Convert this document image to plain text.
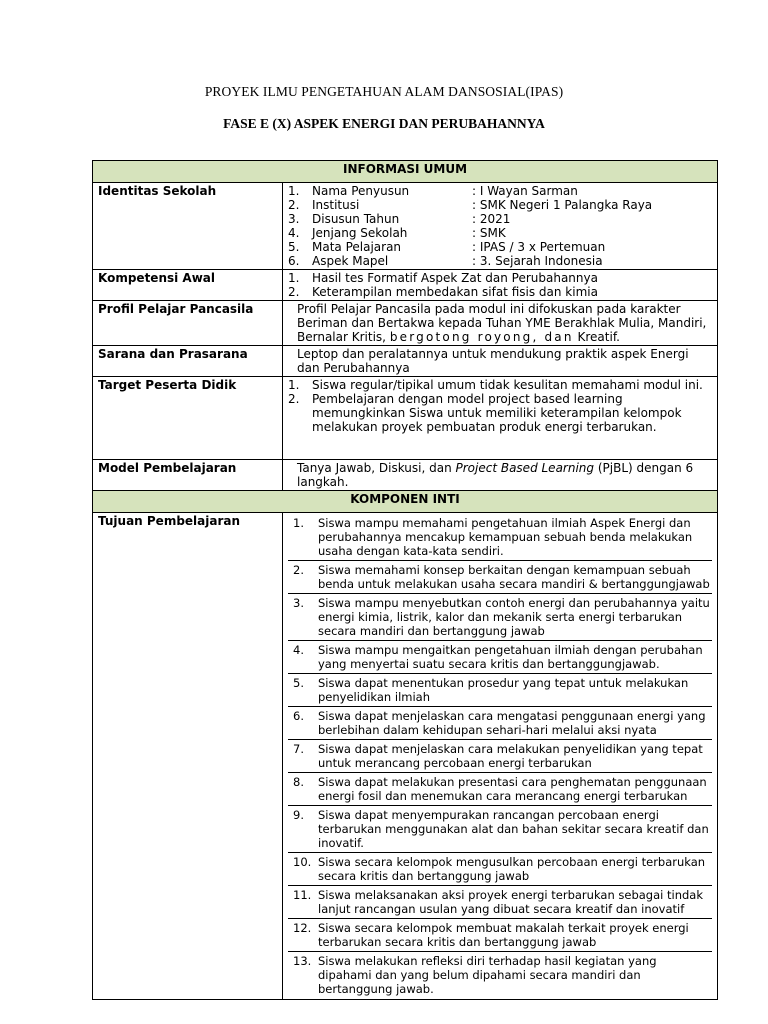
PROYEK ILMU PENGETAHUAN ALAM DANSOSIAL(IPAS)
FASE E (X) ASPEK ENERGI DAN PERUBAHANNYA
INFORMASI UMUM
Identitas Sekolah		1.	Nama Penyusun	: I Wayan Sarman
2.	Institusi	: SMK Negeri 1 Palangka Raya
3.	Disusun Tahun	: 2021
4.	Jenjang Sekolah	: SMK
5.	Mata Pelajaran	: IPAS / 3 x Pertemuan
6.	Aspek Mapel	: 3. Sejarah Indonesia

Kompetensi Awal	1.	Hasil tes Formatif Aspek Zat dan Perubahannya
2.	Keterampilan membedakan sifat fisis dan kimia

Profil Pelajar Pancasila	Profil Pelajar Pancasila pada modul ini difokuskan pada karakter Beriman dan Bertakwa kepada Tuhan YME Berakhlak Mulia, Mandiri, Bernalar Kritis, bergotong royong, dan Kreatif.
Sarana dan Prasarana	Leptop dan peralatannya untuk mendukung praktik aspek Energi dan Perubahannya
Target Peserta Didik	1.	Siswa regular/tipikal umum tidak kesulitan memahami modul ini.
2.	Pembelajaran dengan model project based learning memungkinkan Siswa untuk memiliki keterampilan kelompok melakukan proyek pembuatan produk energi terbarukan.

Model Pembelajaran	Tanya Jawab, Diskusi, dan Project Based Learning (PjBL) dengan 6 langkah.
KOMPONEN INTI
Tujuan Pembelajaran		1.	Siswa mampu memahami pengetahuan ilmiah Aspek Energi dan perubahannya mencakup kemampuan sebuah benda melakukan usaha dengan kata-kata sendiri.
2.	Siswa memahami konsep berkaitan dengan kemampuan sebuah benda untuk melakukan usaha secara mandiri & bertanggungjawab
3.	Siswa mampu menyebutkan contoh energi dan perubahannya yaitu energi kimia, listrik, kalor dan mekanik serta energi terbarukan secara mandiri dan bertanggung jawab
4.	Siswa mampu mengaitkan pengetahuan ilmiah dengan perubahan yang menyertai suatu secara kritis dan bertanggungjawab.
5.	Siswa dapat menentukan prosedur yang tepat untuk melakukan penyelidikan ilmiah
6.	Siswa dapat menjelaskan cara mengatasi penggunaan energi yang berlebihan dalam kehidupan sehari-hari melalui aksi nyata
7.	Siswa dapat menjelaskan cara melakukan penyelidikan yang tepat untuk merancang percobaan energi terbarukan
8.	Siswa dapat melakukan presentasi cara penghematan penggunaan energi fosil dan menemukan cara merancang energi terbarukan
9.	Siswa dapat menyempurakan rancangan percobaan energi terbarukan menggunakan alat dan bahan sekitar secara kreatif dan inovatif.
10.	Siswa secara kelompok mengusulkan percobaan energi terbarukan secara kritis dan bertanggung jawab
11.	Siswa melaksanakan aksi proyek energi terbarukan sebagai tindak lanjut rancangan usulan yang dibuat secara kreatif dan inovatif
12.	Siswa secara kelompok membuat makalah terkait proyek energi terbarukan secara kritis dan bertanggung jawab
13.	Siswa melakukan refleksi diri terhadap hasil kegiatan yang dipahami dan yang belum dipahami secara mandiri dan bertanggung jawab.
